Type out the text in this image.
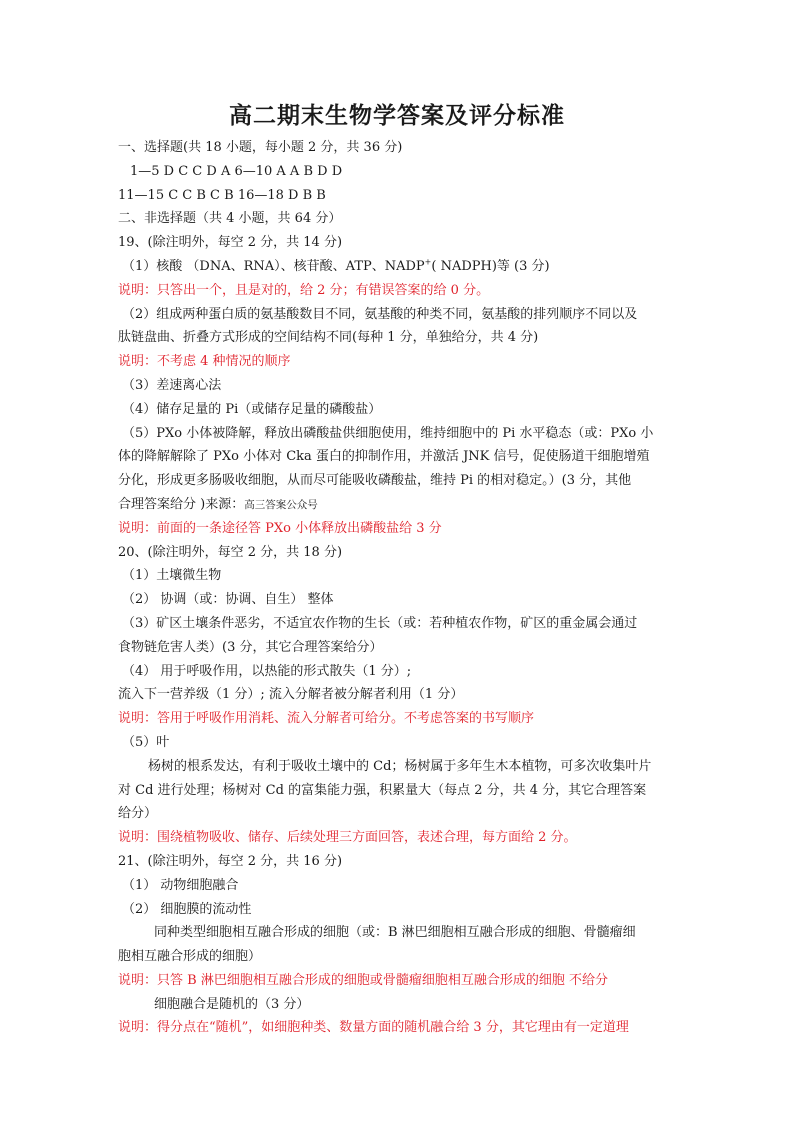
高二期末生物学答案及评分标准
一、选择题(共 18 小题，每小题 2 分，共 36 分)
1—5 D C C D A 6—10 A A B D D
11—15 C C B C B 16—18 D B B
二、非选择题（共 4 小题，共 64 分）
19、(除注明外，每空 2 分，共 14 分)
（1）核酸 （DNA、RNA）、核苷酸、ATP、NADP+( NADPH)等 (3 分)
说明：只答出一个，且是对的，给 2 分；有错误答案的给 0 分。
（2）组成两种蛋白质的氨基酸数目不同，氨基酸的种类不同，氨基酸的排列顺序不同以及
肽链盘曲、折叠方式形成的空间结构不同(每种 1 分，单独给分，共 4 分)
说明：不考虑 4 种情况的顺序
（3）差速离心法
（4）储存足量的 Pi（或储存足量的磷酸盐）
（5）PXo 小体被降解，释放出磷酸盐供细胞使用，维持细胞中的 Pi 水平稳态（或：PXo 小
体的降解解除了 PXo 小体对 Cka 蛋白的抑制作用，并激活 JNK 信号，促使肠道干细胞增殖
分化，形成更多肠吸收细胞，从而尽可能吸收磷酸盐，维持 Pi 的相对稳定。）(3 分，其他
合理答案给分 )来源：高三答案公众号
说明：前面的一条途径答 PXo 小体释放出磷酸盐给 3 分
20、(除注明外，每空 2 分，共 18 分)
（1）土壤微生物
（2） 协调（或：协调、自生） 整体
（3）矿区土壤条件恶劣，不适宜农作物的生长（或：若种植农作物，矿区的重金属会通过
食物链危害人类）(3 分，其它合理答案给分）
（4） 用于呼吸作用，以热能的形式散失（1 分）;
流入下一营养级（1 分）; 流入分解者被分解者利用（1 分）
说明：答用于呼吸作用消耗、流入分解者可给分。不考虑答案的书写顺序
（5）叶
杨树的根系发达，有利于吸收土壤中的 Cd；杨树属于多年生木本植物，可多次收集叶片
对 Cd 进行处理；杨树对 Cd 的富集能力强，积累量大（每点 2 分，共 4 分，其它合理答案
给分）
说明：围绕植物吸收、储存、后续处理三方面回答，表述合理，每方面给 2 分。
21、(除注明外，每空 2 分，共 16 分)
（1） 动物细胞融合
（2） 细胞膜的流动性
同种类型细胞相互融合形成的细胞（或：B 淋巴细胞相互融合形成的细胞、骨髓瘤细
胞相互融合形成的细胞）
说明：只答 B 淋巴细胞相互融合形成的细胞或骨髓瘤细胞相互融合形成的细胞 不给分
细胞融合是随机的（3 分）
说明：得分点在“随机”，如细胞种类、数量方面的随机融合给 3 分，其它理由有一定道理
